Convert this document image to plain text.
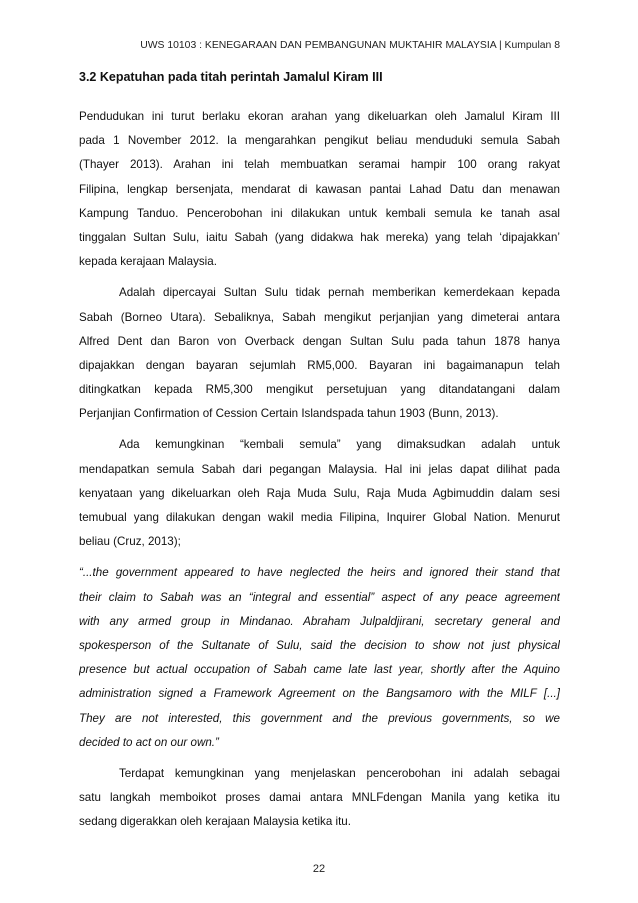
UWS 10103 : KENEGARAAN DAN PEMBANGUNAN MUKTAHIR MALAYSIA | Kumpulan 8
3.2 Kepatuhan pada titah perintah Jamalul Kiram III
Pendudukan ini turut berlaku ekoran arahan yang dikeluarkan oleh Jamalul Kiram III
pada 1 November 2012. Ia mengarahkan pengikut beliau menduduki semula Sabah
(Thayer 2013). Arahan ini telah membuatkan seramai hampir 100 orang rakyat
Filipina, lengkap bersenjata, mendarat di kawasan pantai Lahad Datu dan menawan
Kampung Tanduo. Pencerobohan ini dilakukan untuk kembali semula ke tanah asal
tinggalan Sultan Sulu, iaitu Sabah (yang didakwa hak mereka) yang telah ‘dipajakkan’
kepada kerajaan Malaysia.
Adalah dipercayai Sultan Sulu tidak pernah memberikan kemerdekaan kepada
Sabah (Borneo Utara). Sebaliknya, Sabah mengikut perjanjian yang dimeterai antara
Alfred Dent dan Baron von Overback dengan Sultan Sulu pada tahun 1878 hanya
dipajakkan dengan bayaran sejumlah RM5,000. Bayaran ini bagaimanapun telah
ditingkatkan kepada RM5,300 mengikut persetujuan yang ditandatangani dalam
Perjanjian Confirmation of Cession Certain Islandspada tahun 1903 (Bunn, 2013).
Ada kemungkinan “kembali semula” yang dimaksudkan adalah untuk
mendapatkan semula Sabah dari pegangan Malaysia. Hal ini jelas dapat dilihat pada
kenyataan yang dikeluarkan oleh Raja Muda Sulu, Raja Muda Agbimuddin dalam sesi
temubual yang dilakukan dengan wakil media Filipina, Inquirer Global Nation. Menurut
beliau (Cruz, 2013);
“...the government appeared to have neglected the heirs and ignored their stand that
their claim to Sabah was an “integral and essential” aspect of any peace agreement
with any armed group in Mindanao. Abraham Julpaldjirani, secretary general and
spokesperson of the Sultanate of Sulu, said the decision to show not just physical
presence but actual occupation of Sabah came late last year, shortly after the Aquino
administration signed a Framework Agreement on the Bangsamoro with the MILF [...]
They are not interested, this government and the previous governments, so we
decided to act on our own.”
Terdapat kemungkinan yang menjelaskan pencerobohan ini adalah sebagai
satu langkah memboikot proses damai antara MNLFdengan Manila yang ketika itu
sedang digerakkan oleh kerajaan Malaysia ketika itu.
22
